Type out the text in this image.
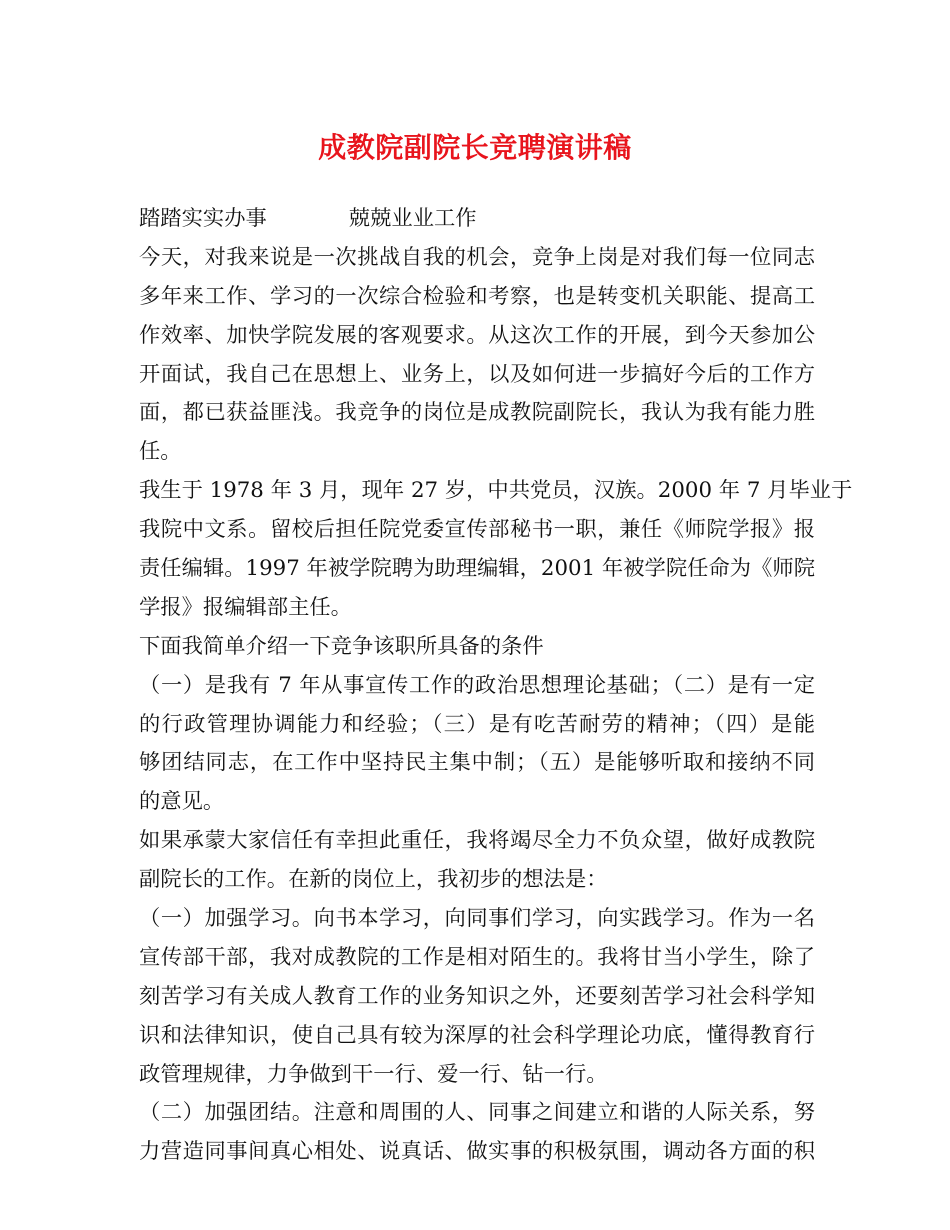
成教院副院长竞聘演讲稿
踏踏实实办事	兢兢业业工作
今天，对我来说是一次挑战自我的机会，竞争上岗是对我们每一位同志
多年来工作、学习的一次综合检验和考察，也是转变机关职能、提高工
作效率、加快学院发展的客观要求。从这次工作的开展，到今天参加公
开面试，我自己在思想上、业务上，以及如何进一步搞好今后的工作方
面，都已获益匪浅。我竞争的岗位是成教院副院长，我认为我有能力胜
任。
我生于 1978 年 3 月，现年 27 岁，中共党员，汉族。2000 年 7 月毕业于
我院中文系。留校后担任院党委宣传部秘书一职，兼任《师院学报》报
责任编辑。1997 年被学院聘为助理编辑，2001 年被学院任命为《师院
学报》报编辑部主任。
下面我简单介绍一下竞争该职所具备的条件
（一）是我有 7 年从事宣传工作的政治思想理论基础；（二）是有一定
的行政管理协调能力和经验；（三）是有吃苦耐劳的精神；（四）是能
够团结同志，在工作中坚持民主集中制；（五）是能够听取和接纳不同
的意见。
如果承蒙大家信任有幸担此重任，我将竭尽全力不负众望，做好成教院
副院长的工作。在新的岗位上，我初步的想法是：
（一）加强学习。向书本学习，向同事们学习，向实践学习。作为一名
宣传部干部，我对成教院的工作是相对陌生的。我将甘当小学生，除了
刻苦学习有关成人教育工作的业务知识之外，还要刻苦学习社会科学知
识和法律知识，使自己具有较为深厚的社会科学理论功底，懂得教育行
政管理规律，力争做到干一行、爱一行、钻一行。
（二）加强团结。注意和周围的人、同事之间建立和谐的人际关系，努
力营造同事间真心相处、说真话、做实事的积极氛围，调动各方面的积
